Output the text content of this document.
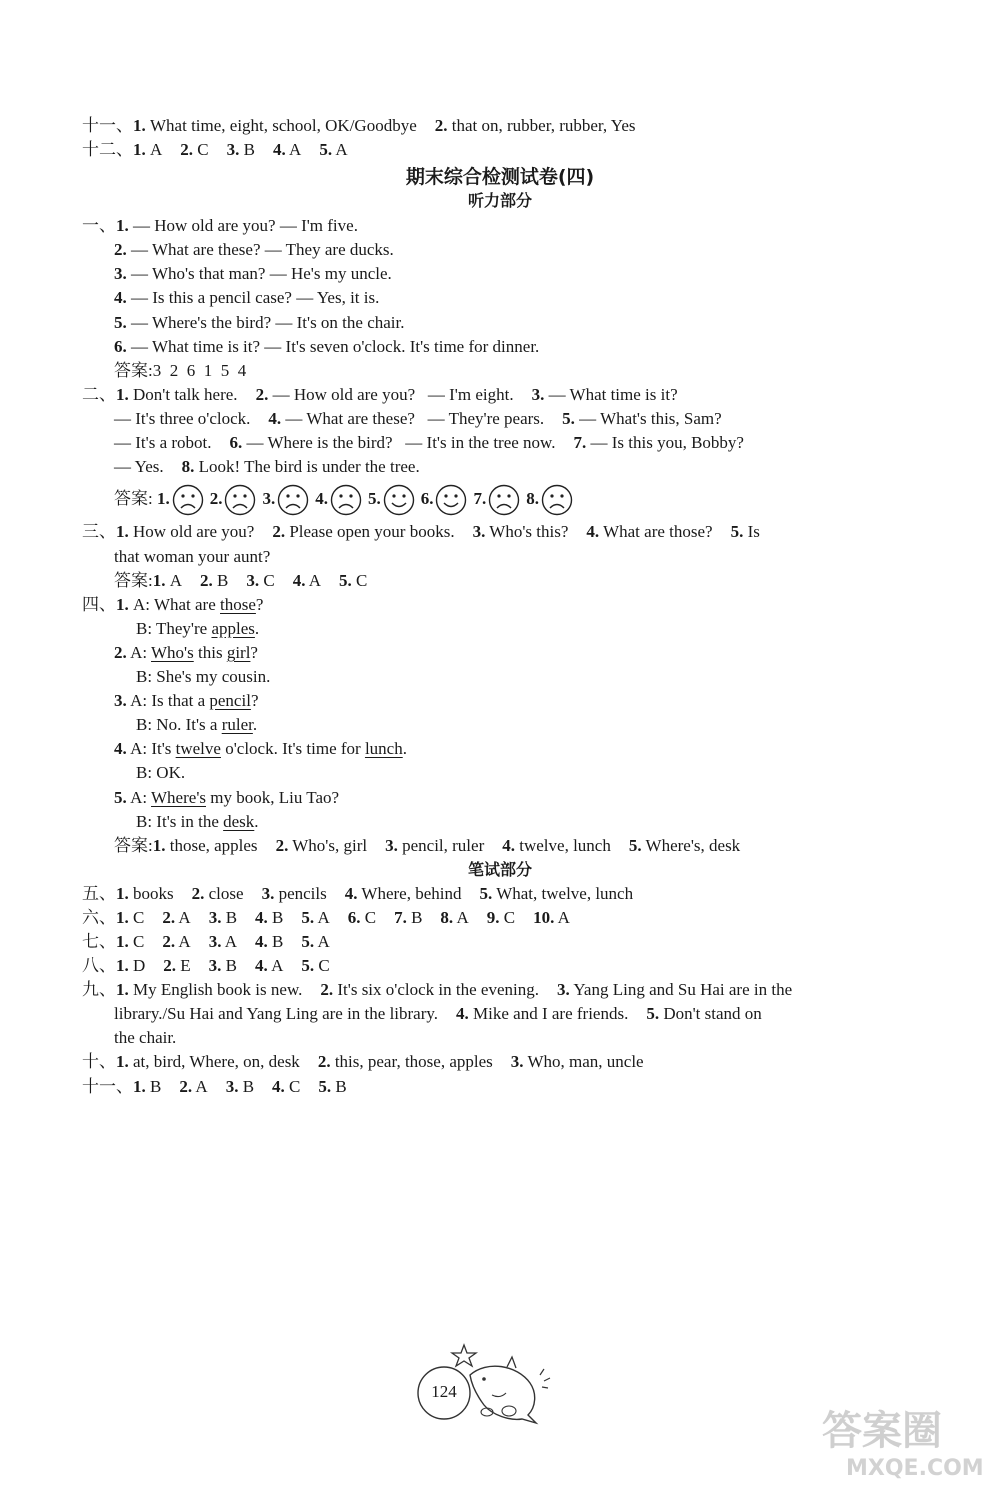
十一、1. What time, eight, school, OK/Goodbye 2. that on, rubber, rubber, Yes
十二、1. A 2. C 3. B 4. A 5. A
期末综合检测试卷(四)
听力部分
一、1. — How old are you? — I'm five.
2. — What are these? — They are ducks.
3. — Who's that man? — He's my uncle.
4. — Is this a pencil case? — Yes, it is.
5. — Where's the bird? — It's on the chair.
6. — What time is it? — It's seven o'clock. It's time for dinner.
答案:3  2  6  1  5  4
二、1. Don't talk here. 2. — How old are you?   — I'm eight. 3. — What time is it?
— It's three o'clock. 4. — What are these?   — They're pears. 5. — What's this, Sam?
— It's a robot. 6. — Where is the bird?   — It's in the tree now. 7. — Is this you, Bobby?
— Yes. 8. Look! The bird is under the tree.
答案: 1. 2. 3. 4. 5. 6. 7. 8.
三、1. How old are you? 2. Please open your books. 3. Who's this? 4. What are those? 5. Is
that woman your aunt?
答案:1. A 2. B 3. C 4. A 5. C
四、1. A: What are those?
B: They're apples.
2. A: Who's this girl?
B: She's my cousin.
3. A: Is that a pencil?
B: No. It's a ruler.
4. A: It's twelve o'clock. It's time for lunch.
B: OK.
5. A: Where's my book, Liu Tao?
B: It's in the desk.
答案:1. those, apples 2. Who's, girl 3. pencil, ruler 4. twelve, lunch 5. Where's, desk
笔试部分
五、1. books 2. close 3. pencils 4. Where, behind 5. What, twelve, lunch
六、1. C 2. A 3. B 4. B 5. A 6. C 7. B 8. A 9. C 10. A
七、1. C 2. A 3. A 4. B 5. A
八、1. D 2. E 3. B 4. A 5. C
九、1. My English book is new. 2. It's six o'clock in the evening. 3. Yang Ling and Su Hai are in the
library./Su Hai and Yang Ling are in the library. 4. Mike and I are friends. 5. Don't stand on
the chair.
十、1. at, bird, Where, on, desk 2. this, pear, those, apples 3. Who, man, uncle
十一、1. B 2. A 3. B 4. C 5. B
124
答案圈
MXQE.COM
